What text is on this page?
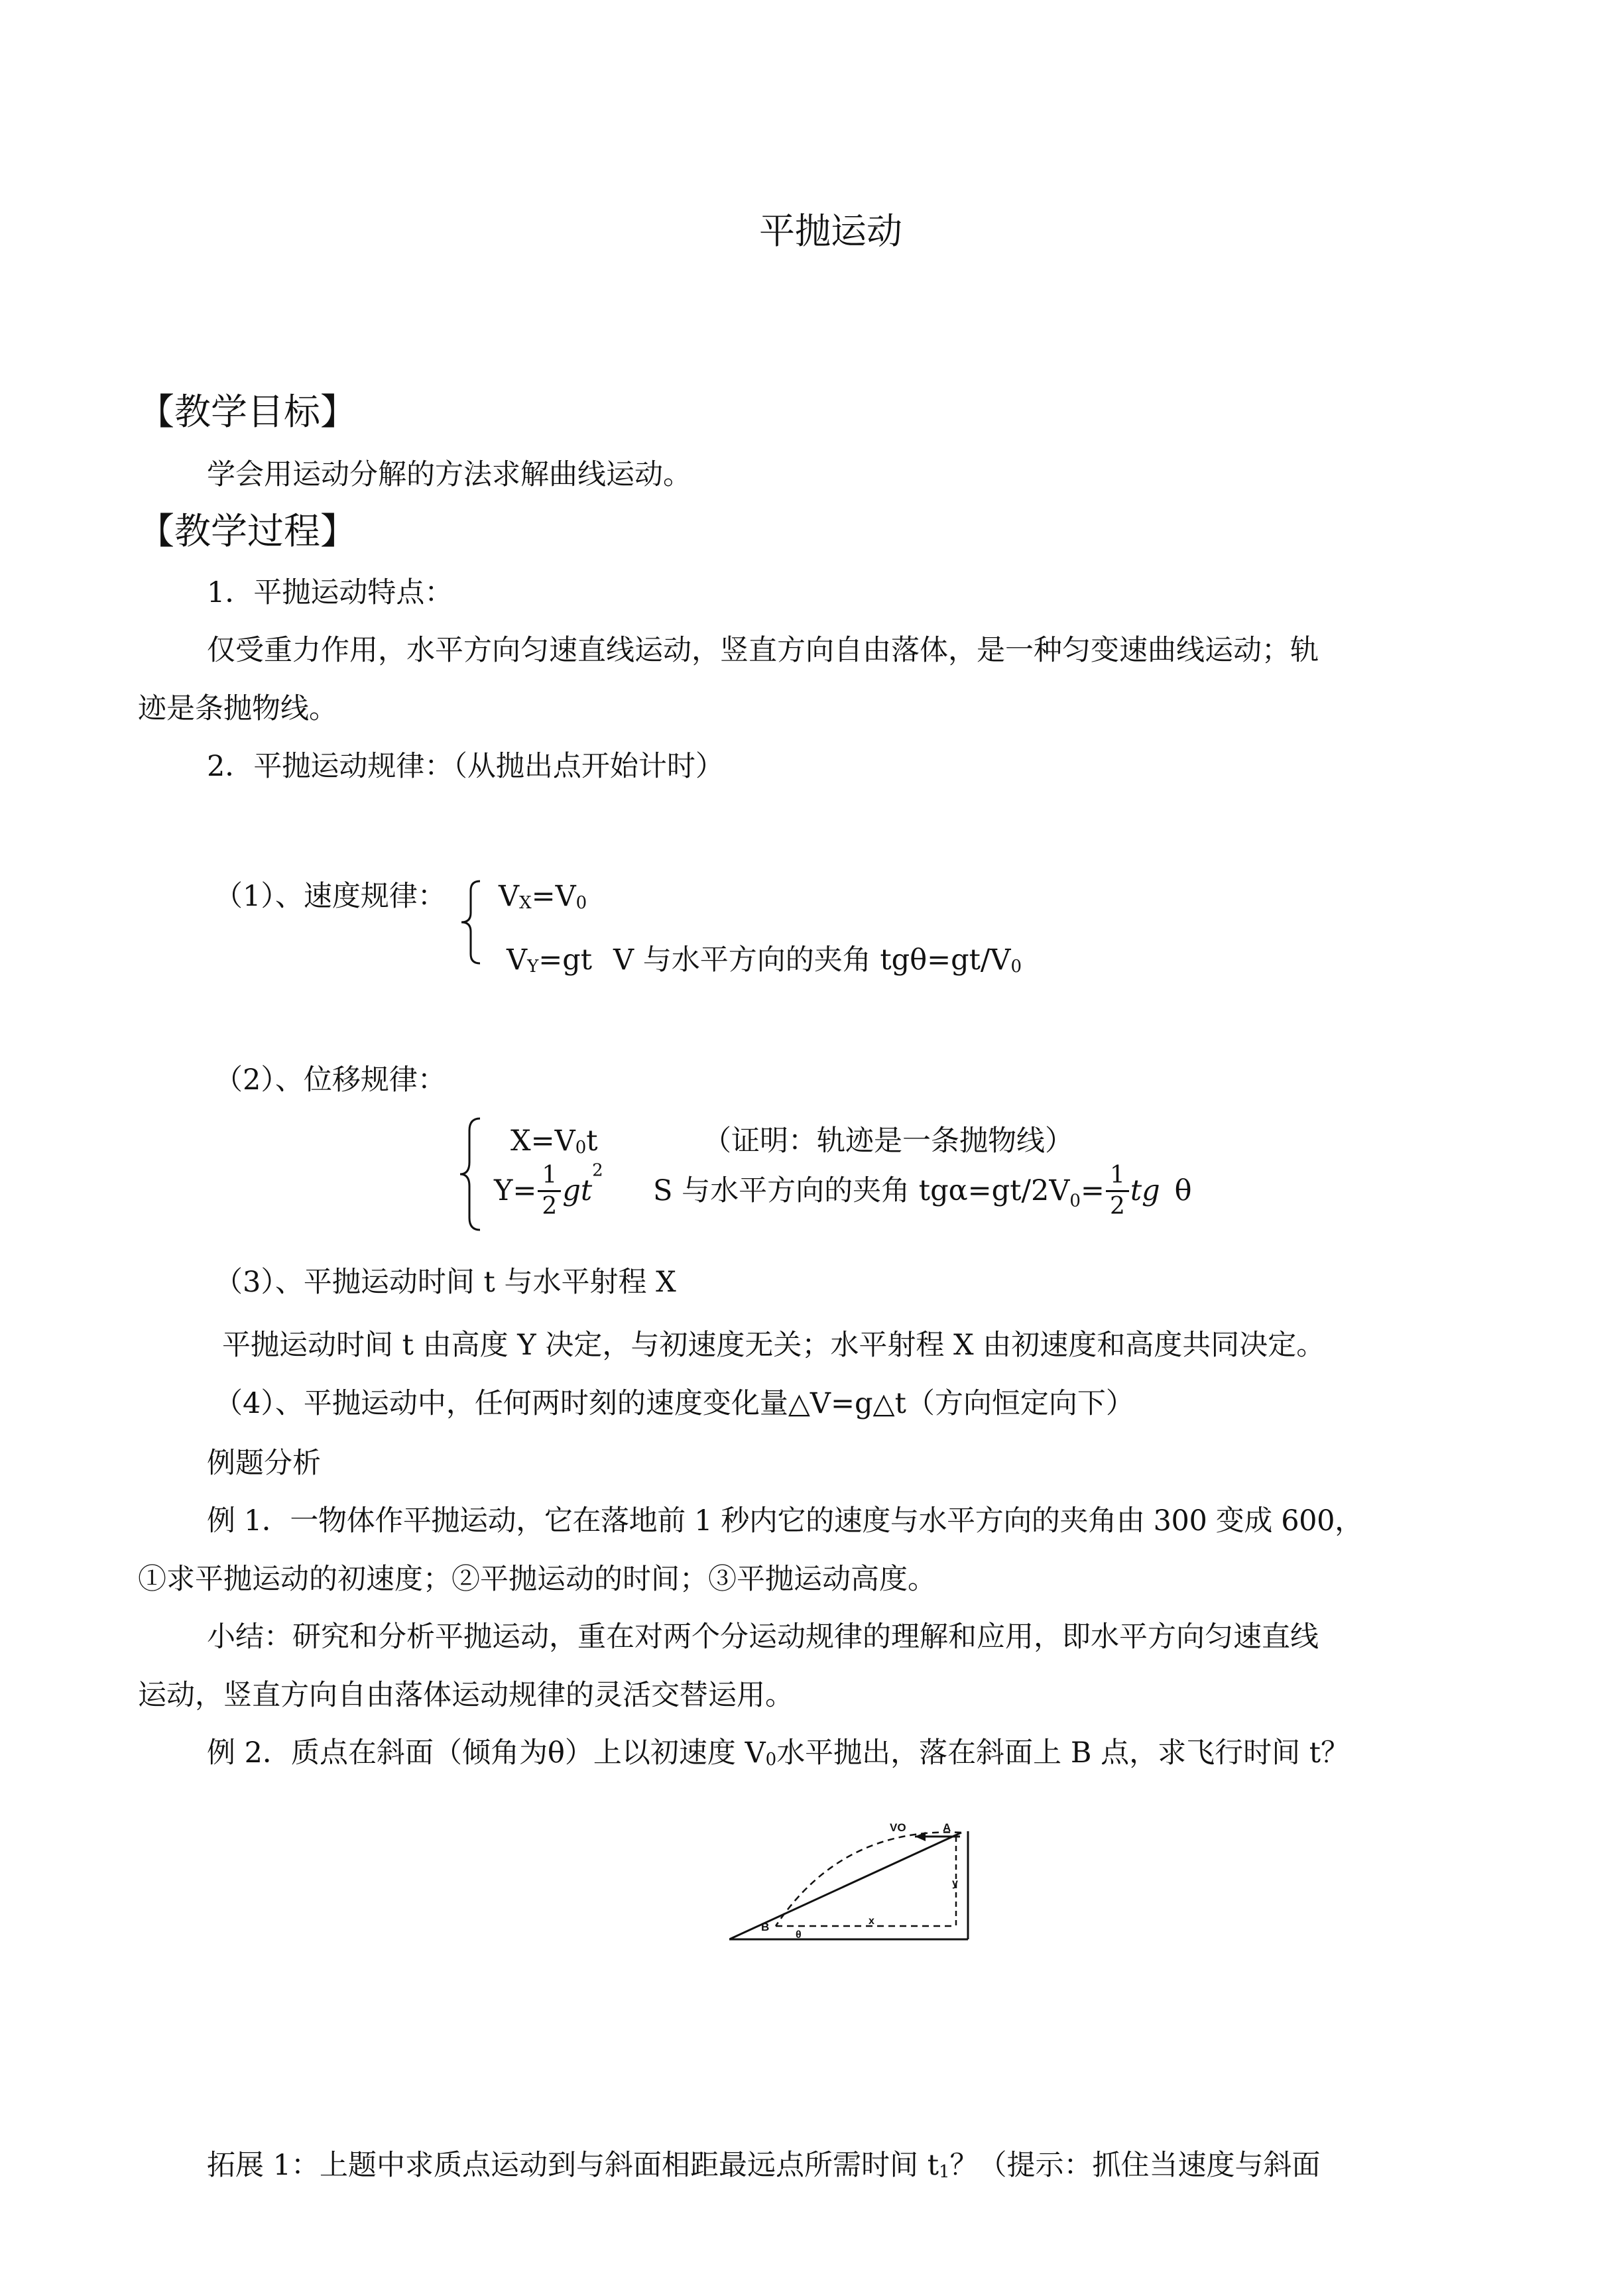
平抛运动
【教学目标】
学会用运动分解的方法求解曲线运动。
【教学过程】
1．平抛运动特点：
仅受重力作用，水平方向匀速直线运动，竖直方向自由落体，是一种匀变速曲线运动；轨
迹是条抛物线。
2．平抛运动规律：（从抛出点开始计时）
（1）、速度规律： $V_X=V_0$
$V_Y=gt$ V 与水平方向的夹角 $tg\theta=gt/V_0$
（2）、位移规律：
$X=V_0t$	（证明：轨迹是一条抛物线）
$Y= \frac{1}{2} gt^2$
S 与水平方向的夹角 $tg\alpha=gt/2V_0= \frac{1}{2}$ tg θ
（3）、平抛运动时间 t 与水平射程 X
平抛运动时间 t 由高度 Y 决定，与初速度无关；水平射程 X 由初速度和高度共同决定。
（4）、平抛运动中，任何两时刻的速度变化量△V=g△t（方向恒定向下）
例题分析
例 1．一物体作平抛运动，它在落地前 1 秒内它的速度与水平方向的夹角由 300 变成 600，
①求平抛运动的初速度；②平抛运动的时间；③平抛运动高度。
小结：研究和分析平抛运动，重在对两个分运动规律的理解和应用，即水平方向匀速直线
运动，竖直方向自由落体运动规律的灵活交替运用。
例 2．质点在斜面（倾角为θ）上以初速度 $V_0$水平抛出，落在斜面上 B 点，求飞行时间 t？
VO	A
B
y
x
θ
拓展 1：上题中求质点运动到与斜面相距最远点所需时间 $t_1$？（提示：抓住当速度与斜面
